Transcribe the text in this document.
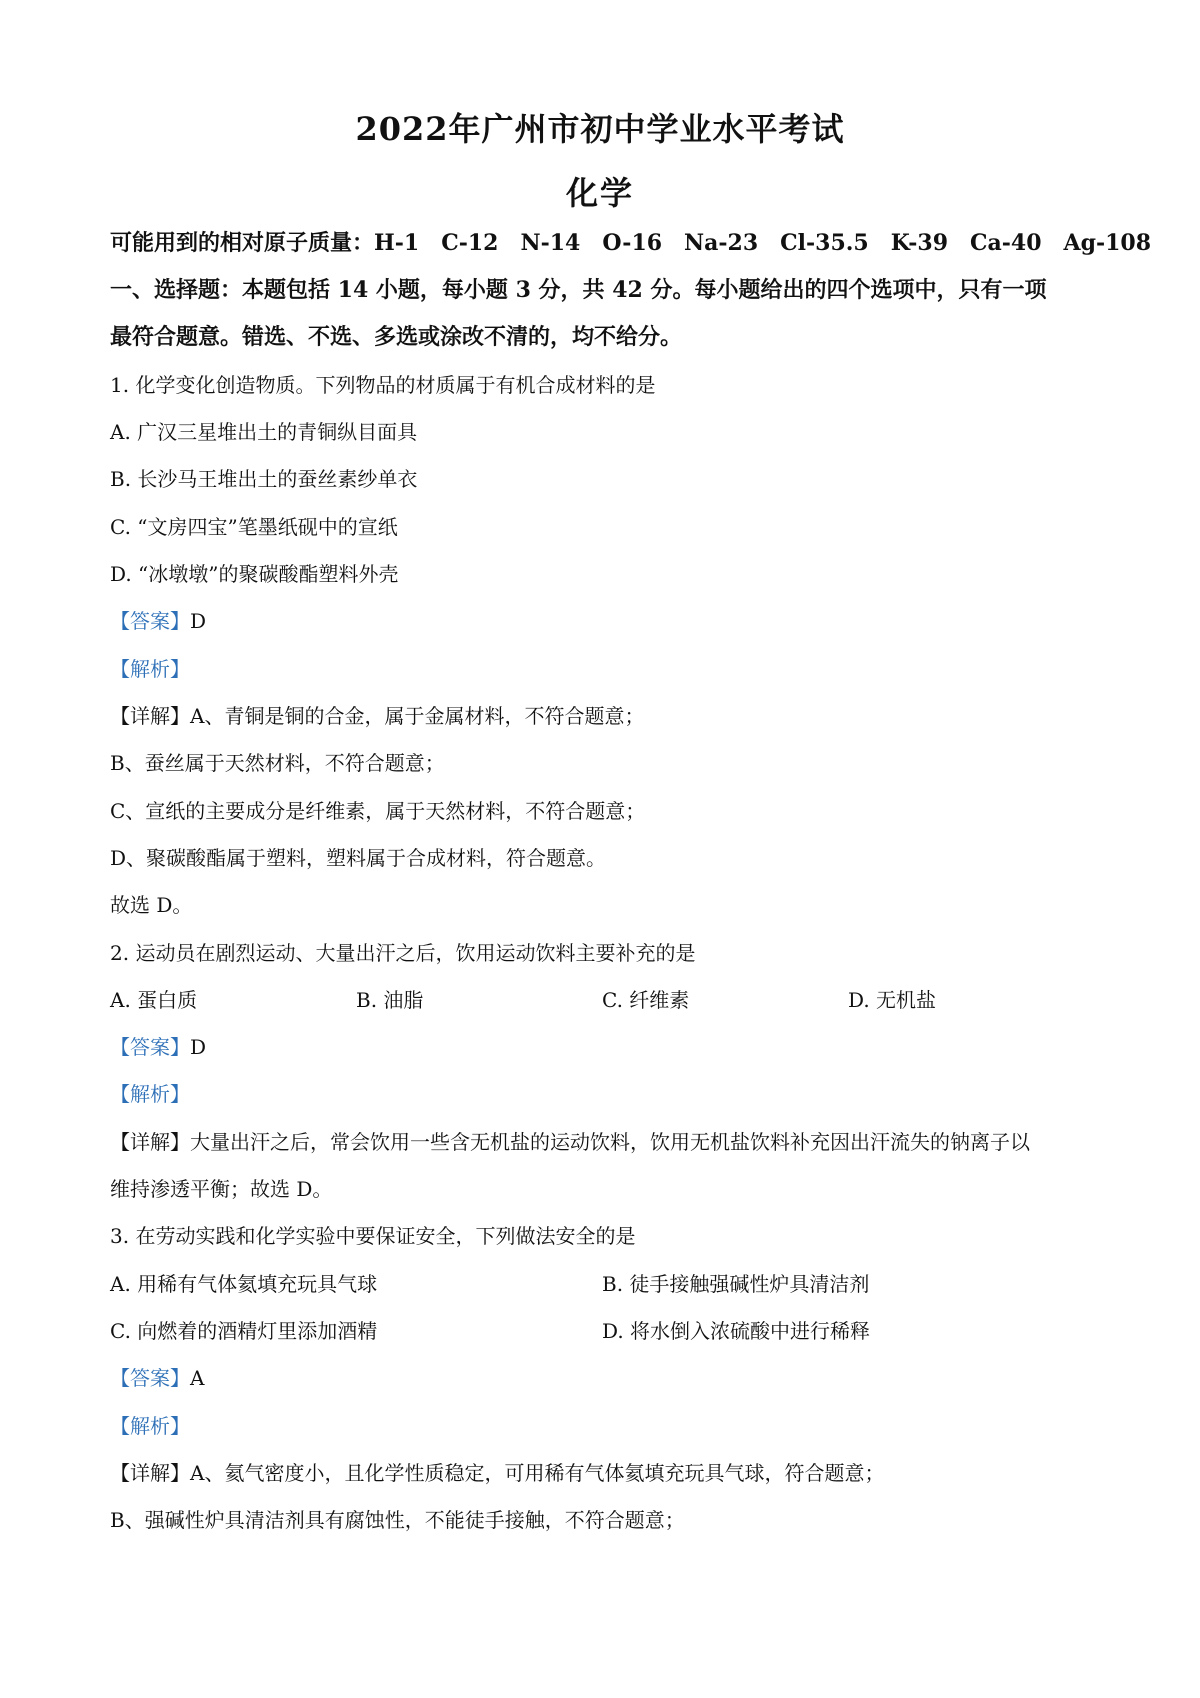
2022年广州市初中学业水平考试
化学
可能用到的相对原子质量：H-1　C-12　N-14　O-16　Na-23　Cl-35.5　K-39　Ca-40　Ag-108
一、选择题：本题包括 14 小题，每小题 3 分，共 42 分。每小题给出的四个选项中，只有一项
最符合题意。错选、不选、多选或涂改不清的，均不给分。
1. 化学变化创造物质。下列物品的材质属于有机合成材料的是
A. 广汉三星堆出土的青铜纵目面具
B. 长沙马王堆出土的蚕丝素纱单衣
C. “文房四宝”笔墨纸砚中的宣纸
D. “冰墩墩”的聚碳酸酯塑料外壳
【答案】D
【解析】
【详解】A、青铜是铜的合金，属于金属材料，不符合题意；
B、蚕丝属于天然材料，不符合题意；
C、宣纸的主要成分是纤维素，属于天然材料，不符合题意；
D、聚碳酸酯属于塑料，塑料属于合成材料，符合题意。
故选 D。
2. 运动员在剧烈运动、大量出汗之后，饮用运动饮料主要补充的是
A. 蛋白质	B. 油脂	C. 纤维素	D. 无机盐
【答案】D
【解析】
【详解】大量出汗之后，常会饮用一些含无机盐的运动饮料，饮用无机盐饮料补充因出汗流失的钠离子以
维持渗透平衡；故选 D。
3. 在劳动实践和化学实验中要保证安全，下列做法安全的是
A. 用稀有气体氦填充玩具气球	B. 徒手接触强碱性炉具清洁剂
C. 向燃着的酒精灯里添加酒精	D. 将水倒入浓硫酸中进行稀释
【答案】A
【解析】
【详解】A、氦气密度小，且化学性质稳定，可用稀有气体氦填充玩具气球，符合题意；
B、强碱性炉具清洁剂具有腐蚀性，不能徒手接触，不符合题意；
